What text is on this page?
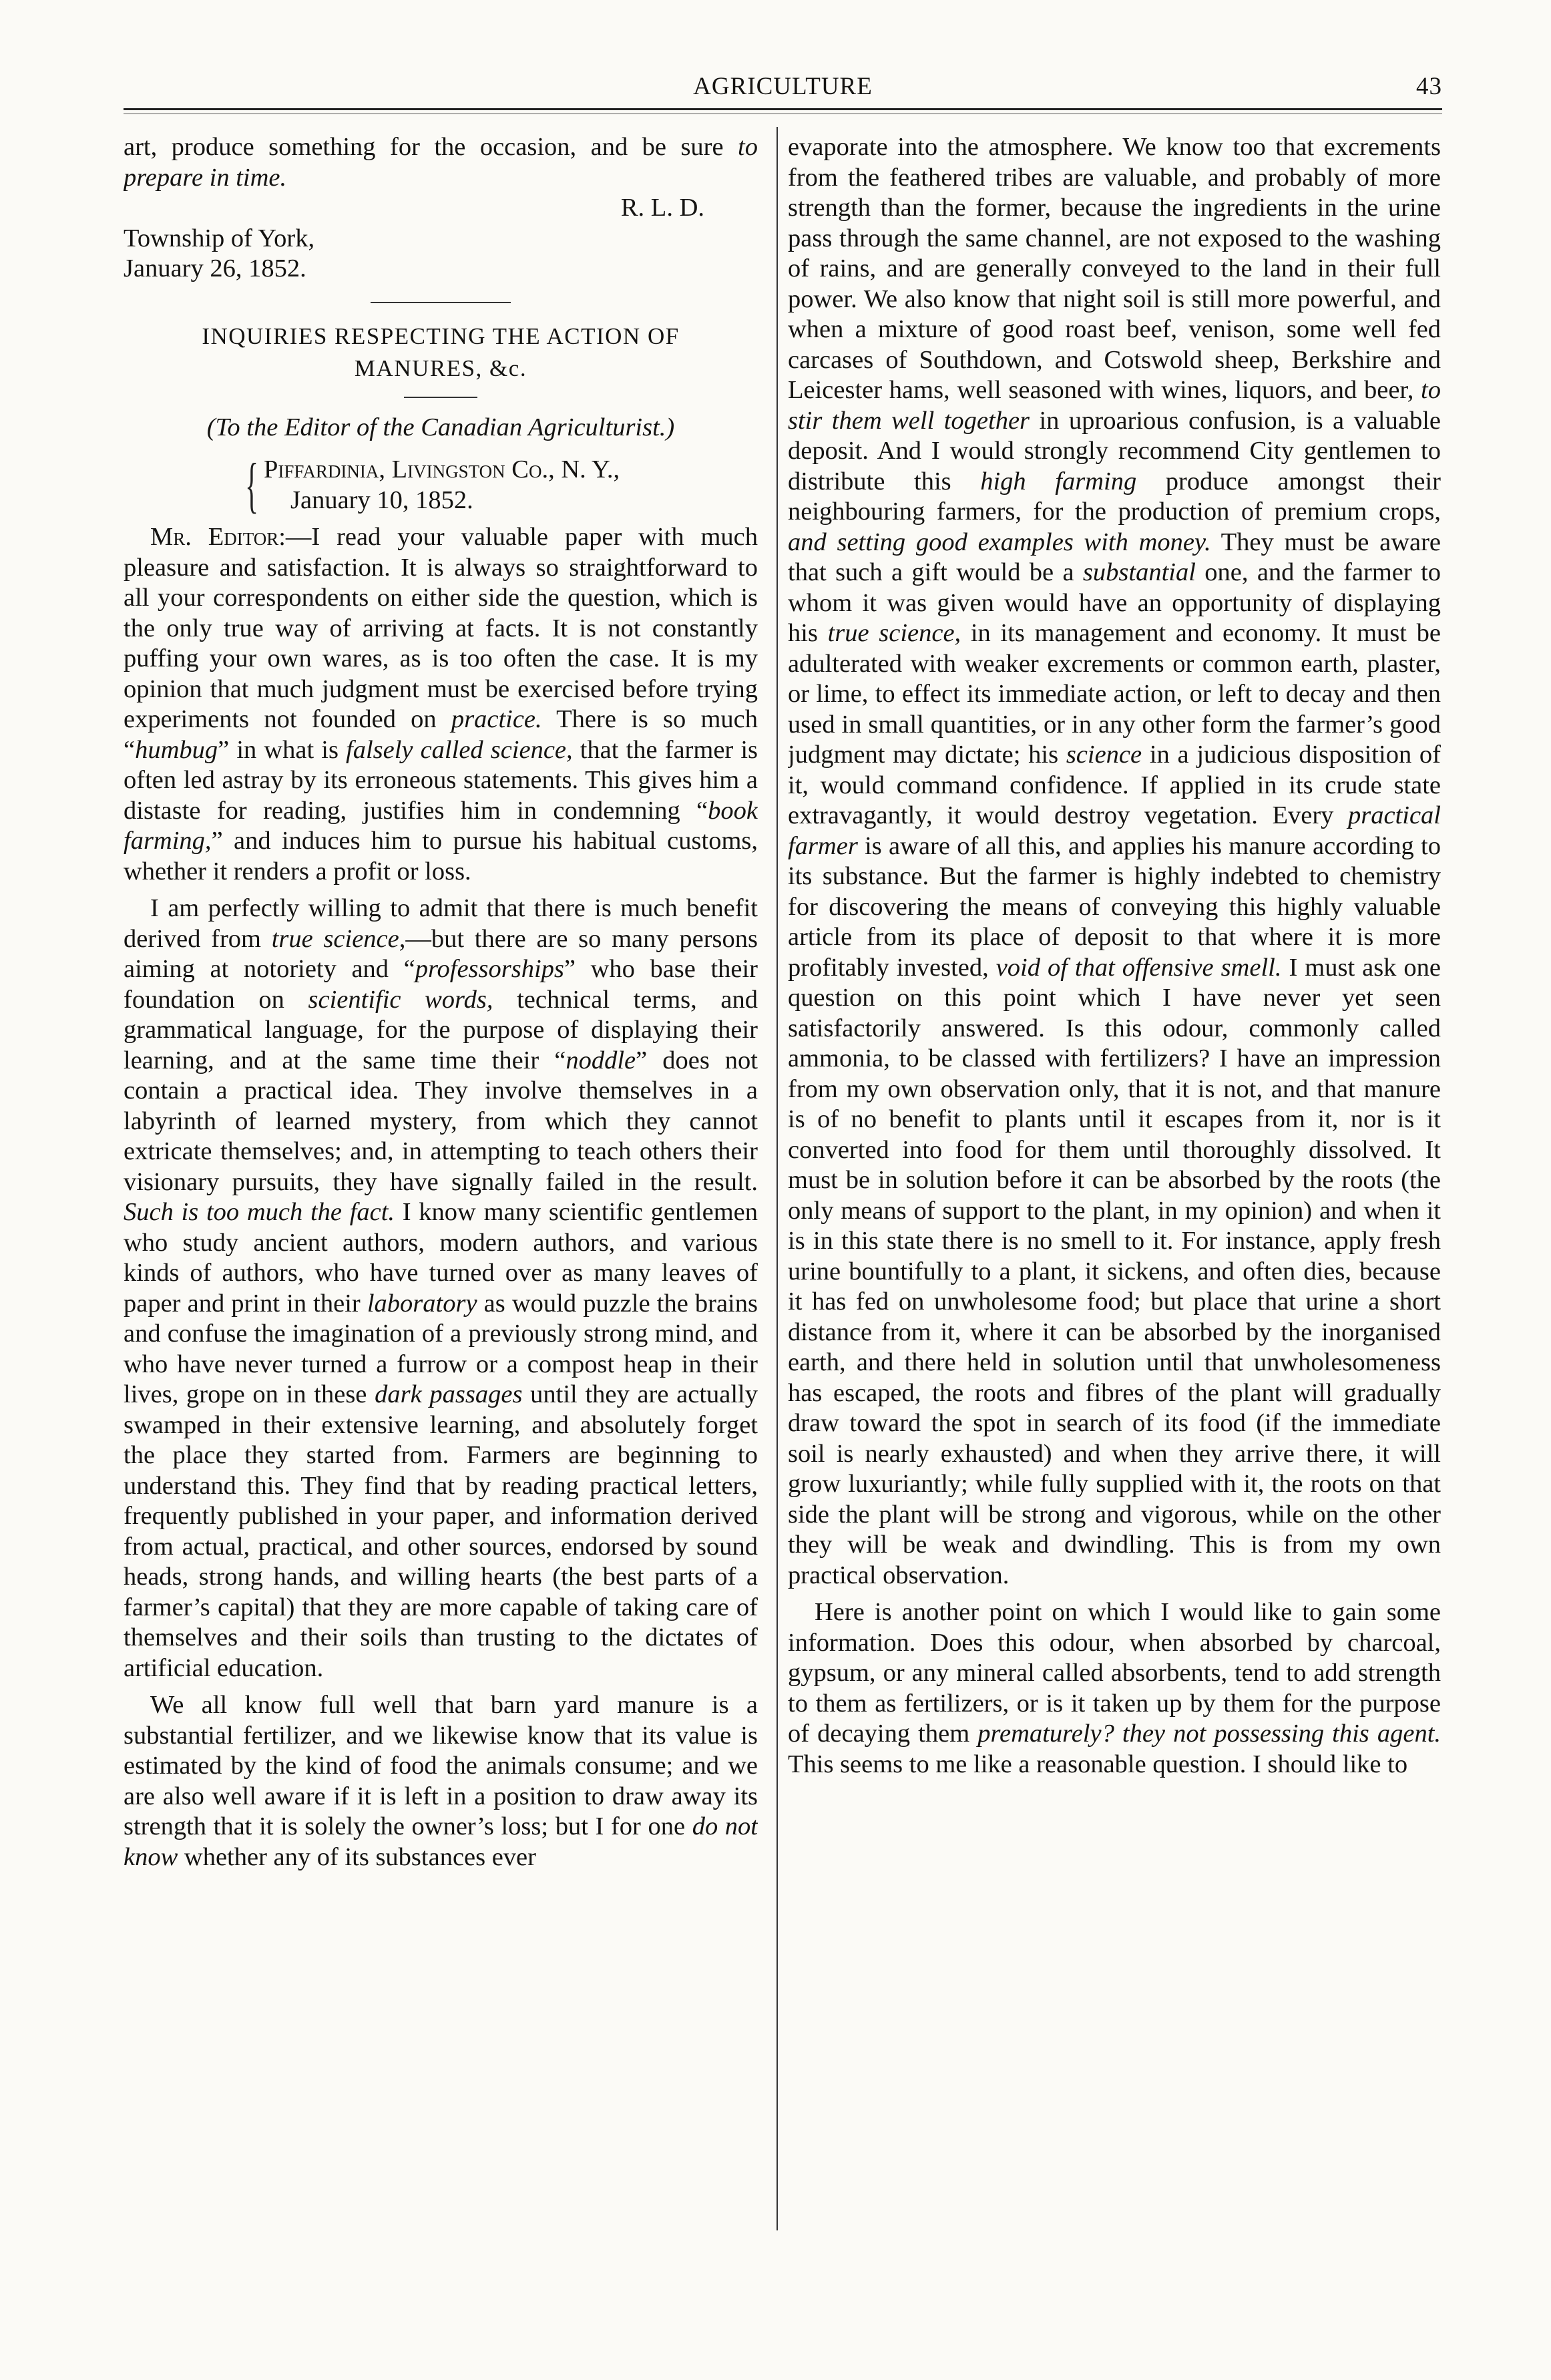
AGRICULTURE	43

art, produce something for the occasion, and be sure to prepare in time.

R. L. D.

Township of York,

January 26, 1852.

INQUIRIES RESPECTING THE ACTION OF
MANURES, &c.
(To the Editor of the Canadian Agriculturist.)
{ Piffardinia, Livingston Co., N. Y.,
January 10, 1852.

Mr. Editor:—I read your valuable paper with much pleasure and satisfaction. It is always so straightforward to all your correspondents on either side the question, which is the only true way of arriving at facts. It is not constantly puffing your own wares, as is too often the case. It is my opinion that much judgment must be exercised before trying experiments not founded on practice. There is so much “humbug” in what is falsely called science, that the farmer is often led astray by its erroneous statements. This gives him a distaste for reading, justifies him in condemning “book farming,” and induces him to pursue his habitual customs, whether it renders a profit or loss.

I am perfectly willing to admit that there is much benefit derived from true science,—but there are so many persons aiming at notoriety and “professorships” who base their foundation on scientific words, technical terms, and grammatical language, for the purpose of displaying their learning, and at the same time their “noddle” does not contain a practical idea. They involve themselves in a labyrinth of learned mystery, from which they cannot extricate themselves; and, in attempting to teach others their visionary pursuits, they have signally failed in the result. Such is too much the fact. I know many scientific gentlemen who study ancient authors, modern authors, and various kinds of authors, who have turned over as many leaves of paper and print in their laboratory as would puzzle the brains and confuse the imagination of a previously strong mind, and who have never turned a furrow or a compost heap in their lives, grope on in these dark passages until they are actually swamped in their extensive learning, and absolutely forget the place they started from. Farmers are beginning to understand this. They find that by reading practical letters, frequently published in your paper, and information derived from actual, practical, and other sources, endorsed by sound heads, strong hands, and willing hearts (the best parts of a farmer’s capital) that they are more capable of taking care of themselves and their soils than trusting to the dictates of artificial education.

We all know full well that barn yard manure is a substantial fertilizer, and we likewise know that its value is estimated by the kind of food the animals consume; and we are also well aware if it is left in a position to draw away its strength that it is solely the owner’s loss; but I for one do not know whether any of its substances ever

evaporate into the atmosphere. We know too that excrements from the feathered tribes are valuable, and probably of more strength than the former, because the ingredients in the urine pass through the same channel, are not exposed to the washing of rains, and are generally conveyed to the land in their full power. We also know that night soil is still more powerful, and when a mixture of good roast beef, venison, some well fed carcases of Southdown, and Cotswold sheep, Berkshire and Leicester hams, well seasoned with wines, liquors, and beer, to stir them well together in uproarious confusion, is a valuable deposit. And I would strongly recommend City gentlemen to distribute this high farming produce amongst their neighbouring farmers, for the production of premium crops, and setting good examples with money. They must be aware that such a gift would be a substantial one, and the farmer to whom it was given would have an opportunity of displaying his true science, in its management and economy. It must be adulterated with weaker excrements or common earth, plaster, or lime, to effect its immediate action, or left to decay and then used in small quantities, or in any other form the farmer’s good judgment may dictate; his science in a judicious disposition of it, would command confidence. If applied in its crude state extravagantly, it would destroy vegetation. Every practical farmer is aware of all this, and applies his manure according to its substance. But the farmer is highly indebted to chemistry for discovering the means of conveying this highly valuable article from its place of deposit to that where it is more profitably invested, void of that offensive smell. I must ask one question on this point which I have never yet seen satisfactorily answered. Is this odour, commonly called ammonia, to be classed with fertilizers? I have an impression from my own observation only, that it is not, and that manure is of no benefit to plants until it escapes from it, nor is it converted into food for them until thoroughly dissolved. It must be in solution before it can be absorbed by the roots (the only means of support to the plant, in my opinion) and when it is in this state there is no smell to it. For instance, apply fresh urine bountifully to a plant, it sickens, and often dies, because it has fed on unwholesome food; but place that urine a short distance from it, where it can be absorbed by the inorganised earth, and there held in solution until that unwholesomeness has escaped, the roots and fibres of the plant will gradually draw toward the spot in search of its food (if the immediate soil is nearly exhausted) and when they arrive there, it will grow luxuriantly; while fully supplied with it, the roots on that side the plant will be strong and vigorous, while on the other they will be weak and dwindling. This is from my own practical observation.

Here is another point on which I would like to gain some information. Does this odour, when absorbed by charcoal, gypsum, or any mineral called absorbents, tend to add strength to them as fertilizers, or is it taken up by them for the purpose of decaying them prematurely? they not possessing this agent. This seems to me like a reasonable question. I should like to
